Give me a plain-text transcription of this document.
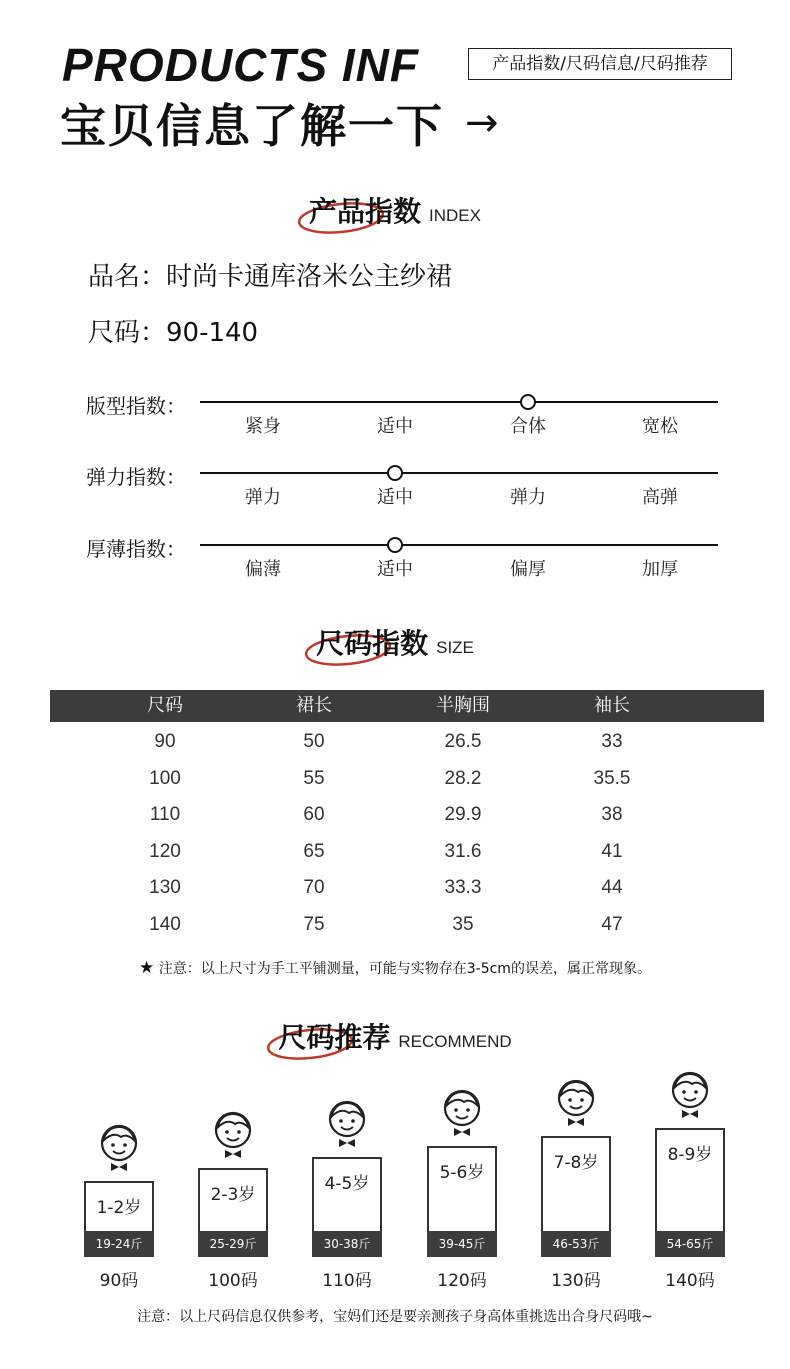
PRODUCTS INF	产品指数/尺码信息/尺码推荐
宝贝信息了解一下 →
产品指数 INDEX
品名：时尚卡通库洛米公主纱裙
尺码：90-140
版型指数：
紧身	适中	合体	宽松
弹力指数：
弹力	适中	弹力	高弹
厚薄指数：
偏薄	适中	偏厚	加厚
尺码指数 SIZE
尺码	裙长	半胸围	袖长
90	50	26.5	33
100	55	28.2	35.5
110	60	29.9	38
120	65	31.6	41
130	70	33.3	44
140	75	35	47
★ 注意：以上尺寸为手工平铺测量，可能与实物存在3-5cm的误差，属正常现象。
尺码推荐 RECOMMEND
1-2岁
19-24斤
90码
2-3岁
25-29斤
100码
4-5岁
30-38斤
110码
5-6岁
39-45斤
120码
7-8岁
46-53斤
130码
8-9岁
54-65斤
140码
注意：以上尺码信息仅供参考，宝妈们还是要亲测孩子身高体重挑选出合身尺码哦~
